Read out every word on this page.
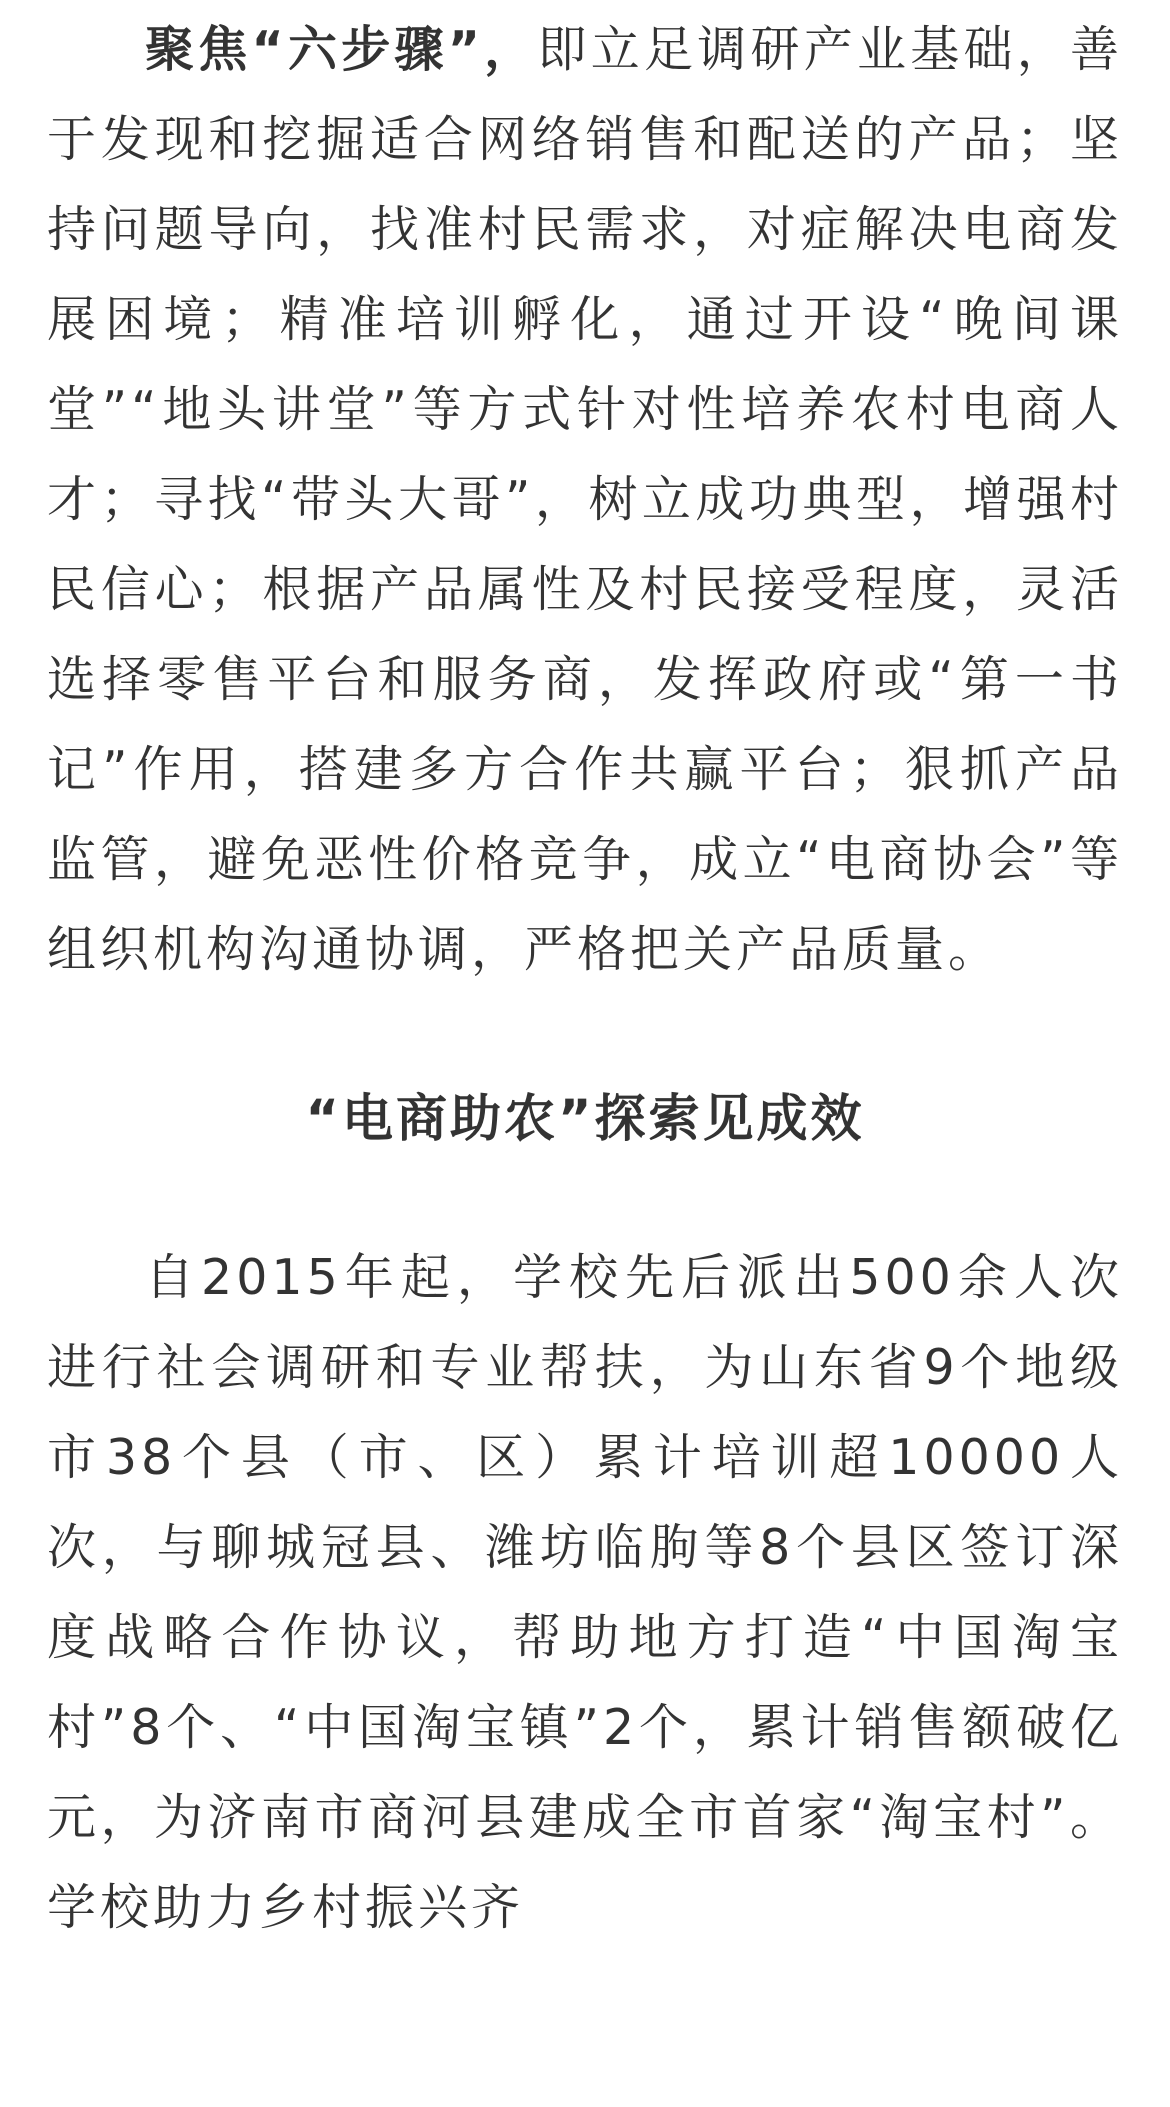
聚焦“六步骤”，即立足调研产业基础，善于发现和挖掘适合网络销售和配送的产品；坚持问题导向，找准村民需求，对症解决电商发展困境；精准培训孵化，通过开设“晚间课堂”“地头讲堂”等方式针对性培养农村电商人才；寻找“带头大哥”，树立成功典型，增强村民信心；根据产品属性及村民接受程度，灵活选择零售平台和服务商，发挥政府或“第一书记”作用，搭建多方合作共赢平台；狠抓产品监管，避免恶性价格竞争，成立“电商协会”等组织机构沟通协调，严格把关产品质量。

“电商助农”探索见成效

自2015年起，学校先后派出500余人次进行社会调研和专业帮扶，为山东省9个地级市38个县（市、区）累计培训超10000人次，与聊城冠县、潍坊临朐等8个县区签订深度战略合作协议，帮助地方打造“中国淘宝村”8个、“中国淘宝镇”2个，累计销售额破亿元，为济南市商河县建成全市首家“淘宝村”。学校助力乡村振兴齐
